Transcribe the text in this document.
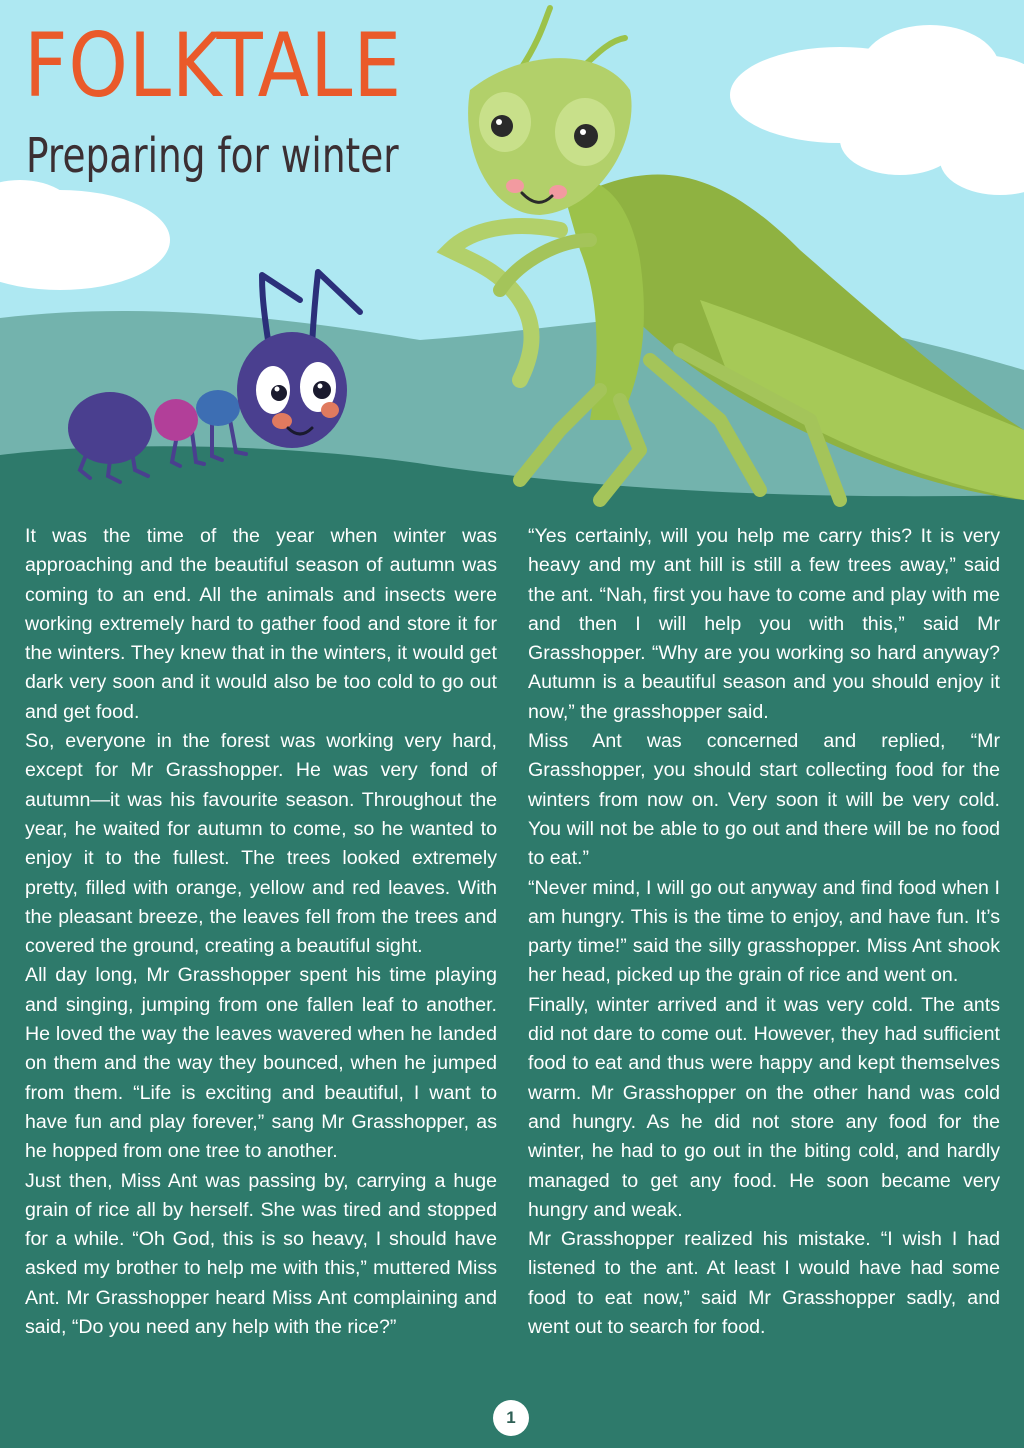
FOLKTALE
Preparing for winter

It was the time of the year when winter was approaching and the beautiful season of autumn was coming to an end. All the animals and insects were working extremely hard to gather food and store it for the winters. They knew that in the winters, it would get dark very soon and it would also be too cold to go out and get food.

So, everyone in the forest was working very hard, except for Mr Grasshopper. He was very fond of autumn—it was his favourite season. Throughout the year, he waited for autumn to come, so he wanted to enjoy it to the fullest. The trees looked extremely pretty, filled with orange, yellow and red leaves. With the pleasant breeze, the leaves fell from the trees and covered the ground, creating a beautiful sight.

All day long, Mr Grasshopper spent his time playing and singing, jumping from one fallen leaf to another. He loved the way the leaves wavered when he landed on them and the way they bounced, when he jumped from them. “Life is exciting and beautiful, I want to have fun and play forever,” sang Mr Grasshopper, as he hopped from one tree to another.

Just then, Miss Ant was passing by, carrying a huge grain of rice all by herself. She was tired and stopped for a while. “Oh God, this is so heavy, I should have asked my brother to help me with this,” muttered Miss Ant. Mr Grasshopper heard Miss Ant complaining and said, “Do you need any help with the rice?”

“Yes certainly, will you help me carry this? It is very heavy and my ant hill is still a few trees away,” said the ant. “Nah, first you have to come and play with me and then I will help you with this,” said Mr Grasshopper. “Why are you working so hard anyway? Autumn is a beautiful season and you should enjoy it now,” the grasshopper said.

Miss Ant was concerned and replied, “Mr Grasshopper, you should start collecting food for the winters from now on. Very soon it will be very cold. You will not be able to go out and there will be no food to eat.”

“Never mind, I will go out anyway and find food when I am hungry. This is the time to enjoy, and have fun. It’s party time!” said the silly grasshopper. Miss Ant shook her head, picked up the grain of rice and went on.

Finally, winter arrived and it was very cold. The ants did not dare to come out. However, they had sufficient food to eat and thus were happy and kept themselves warm. Mr Grasshopper on the other hand was cold and hungry. As he did not store any food for the winter, he had to go out in the biting cold, and hardly managed to get any food. He soon became very hungry and weak.

Mr Grasshopper realized his mistake. “I wish I had listened to the ant. At least I would have had some food to eat now,” said Mr Grasshopper sadly, and went out to search for food.

1
